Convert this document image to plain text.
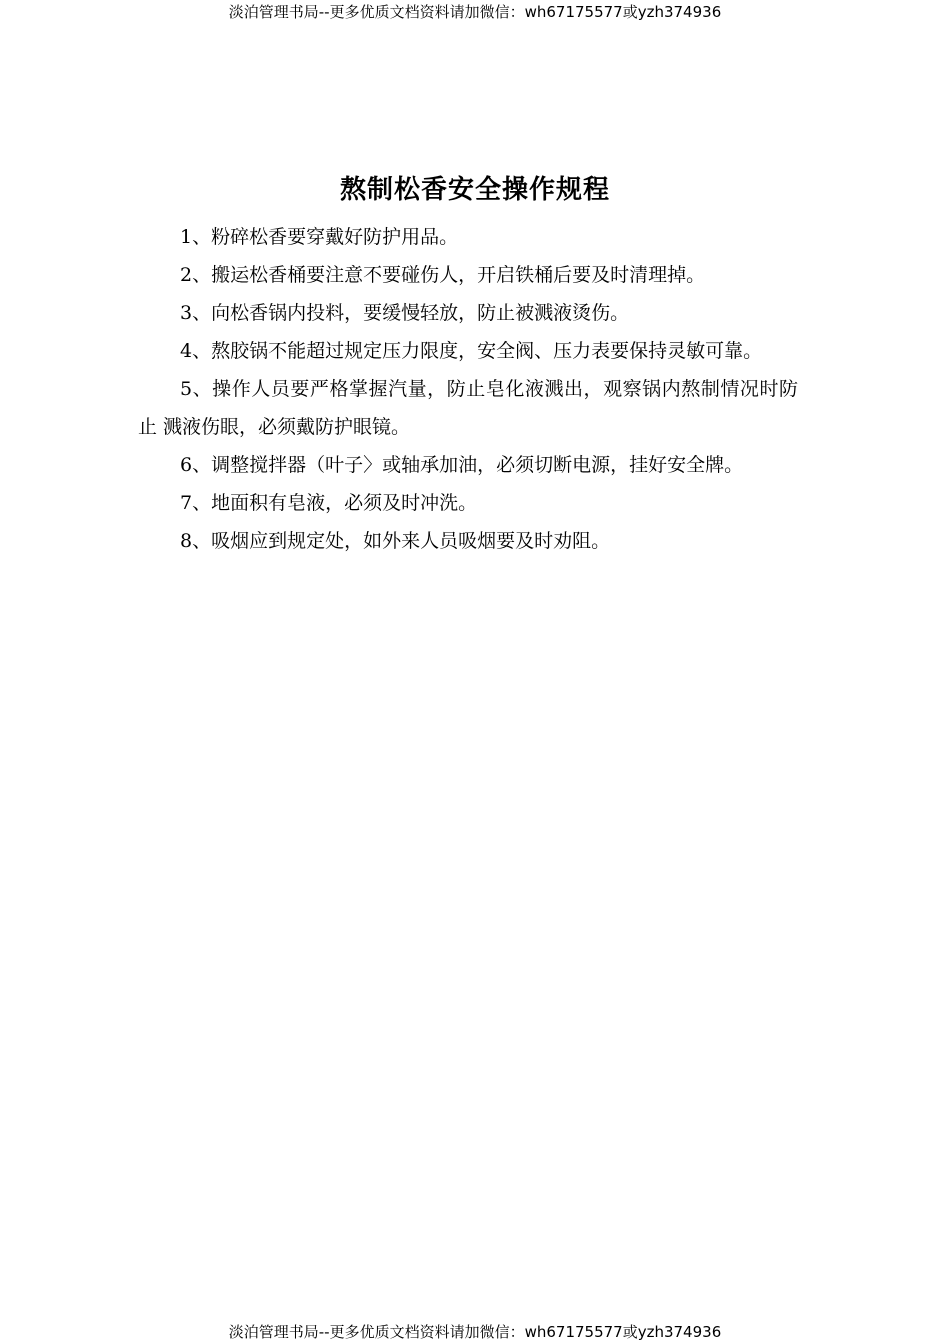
淡泊管理书局--更多优质文档资料请加微信：wh67175577或yzh374936
熬制松香安全操作规程

1、粉碎松香要穿戴好防护用品。

2、搬运松香桶要注意不要碰伤人，开启铁桶后要及时清理掉。

3、向松香锅内投料，要缓慢轻放，防止被溅液烫伤。

4、熬胶锅不能超过规定压力限度，安全阀、压力表要保持灵敏可靠。

5、操作人员要严格掌握汽量，防止皂化液溅出，观察锅内熬制情况时防止 溅液伤眼，必须戴防护眼镜。

6、调整搅拌器（叶子〉或轴承加油，必须切断电源，挂好安全牌。

7、地面积有皂液，必须及时冲洗。

8、吸烟应到规定处，如外来人员吸烟要及时劝阻。

淡泊管理书局--更多优质文档资料请加微信：wh67175577或yzh374936
